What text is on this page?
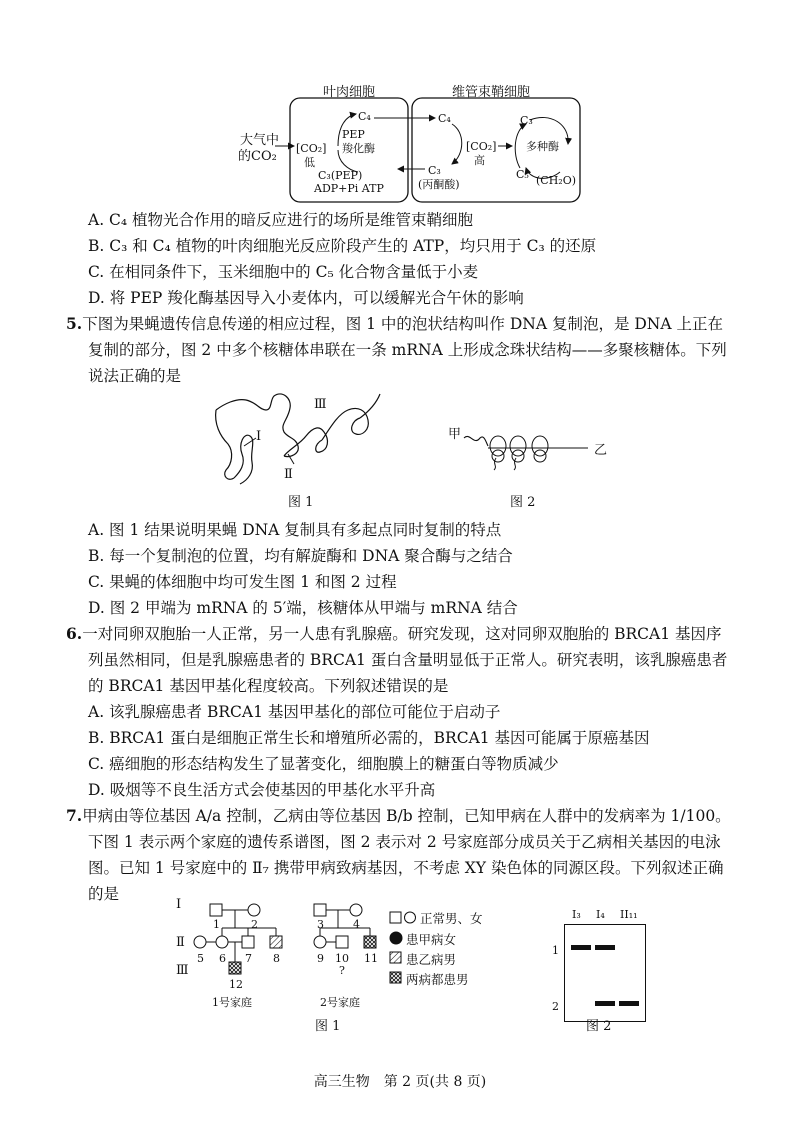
叶肉细胞	维管束鞘细胞
大气中
的CO₂
[CO₂]
低
PEP
羧化酶
C₄
C₃(PEP)
ADP+Pi ATP
C₄
[CO₂]
高
C₃
(丙酮酸)
C₃
多种酶
C₅ (CH₂O)
A. C₄ 植物光合作用的暗反应进行的场所是维管束鞘细胞
B. C₃ 和 C₄ 植物的叶肉细胞光反应阶段产生的 ATP，均只用于 C₃ 的还原
C. 在相同条件下，玉米细胞中的 C₅ 化合物含量低于小麦
D. 将 PEP 羧化酶基因导入小麦体内，可以缓解光合午休的影响
5.下图为果蝇遗传信息传递的相应过程，图 1 中的泡状结构叫作 DNA 复制泡，是 DNA 上正在
复制的部分，图 2 中多个核糖体串联在一条 mRNA 上形成念珠状结构——多聚核糖体。下列
说法正确的是
Ⅰ
Ⅱ
Ⅲ
图 1
甲
乙
图 2
A. 图 1 结果说明果蝇 DNA 复制具有多起点同时复制的特点
B. 每一个复制泡的位置，均有解旋酶和 DNA 聚合酶与之结合
C. 果蝇的体细胞中均可发生图 1 和图 2 过程
D. 图 2 甲端为 mRNA 的 5′端，核糖体从甲端与 mRNA 结合
6.一对同卵双胞胎一人正常，另一人患有乳腺癌。研究发现，这对同卵双胞胎的 BRCA1 基因序
列虽然相同，但是乳腺癌患者的 BRCA1 蛋白含量明显低于正常人。研究表明，该乳腺癌患者
的 BRCA1 基因甲基化程度较高。下列叙述错误的是
A. 该乳腺癌患者 BRCA1 基因甲基化的部位可能位于启动子
B. BRCA1 蛋白是细胞正常生长和增殖所必需的，BRCA1 基因可能属于原癌基因
C. 癌细胞的形态结构发生了显著变化，细胞膜上的糖蛋白等物质减少
D. 吸烟等不良生活方式会使基因的甲基化水平升高
7.甲病由等位基因 A/a 控制，乙病由等位基因 B/b 控制，已知甲病在人群中的发病率为 1/100。
下图 1 表示两个家庭的遗传系谱图，图 2 表示对 2 号家庭部分成员关于乙病相关基因的电泳
图。已知 1 号家庭中的 Ⅱ₇ 携带甲病致病基因，不考虑 XY 染色体的同源区段。下列叙述正确
的是
Ⅰ
Ⅱ
Ⅲ
1	2	3	4
5 6 7 8	9 10 11
?
12
1号家庭	2号家庭
图 1
正常男、女
患甲病女
患乙病男
两病都患男
I₃ I₄ II₁₁
1
2
图 2
高三生物　第 2 页(共 8 页)
